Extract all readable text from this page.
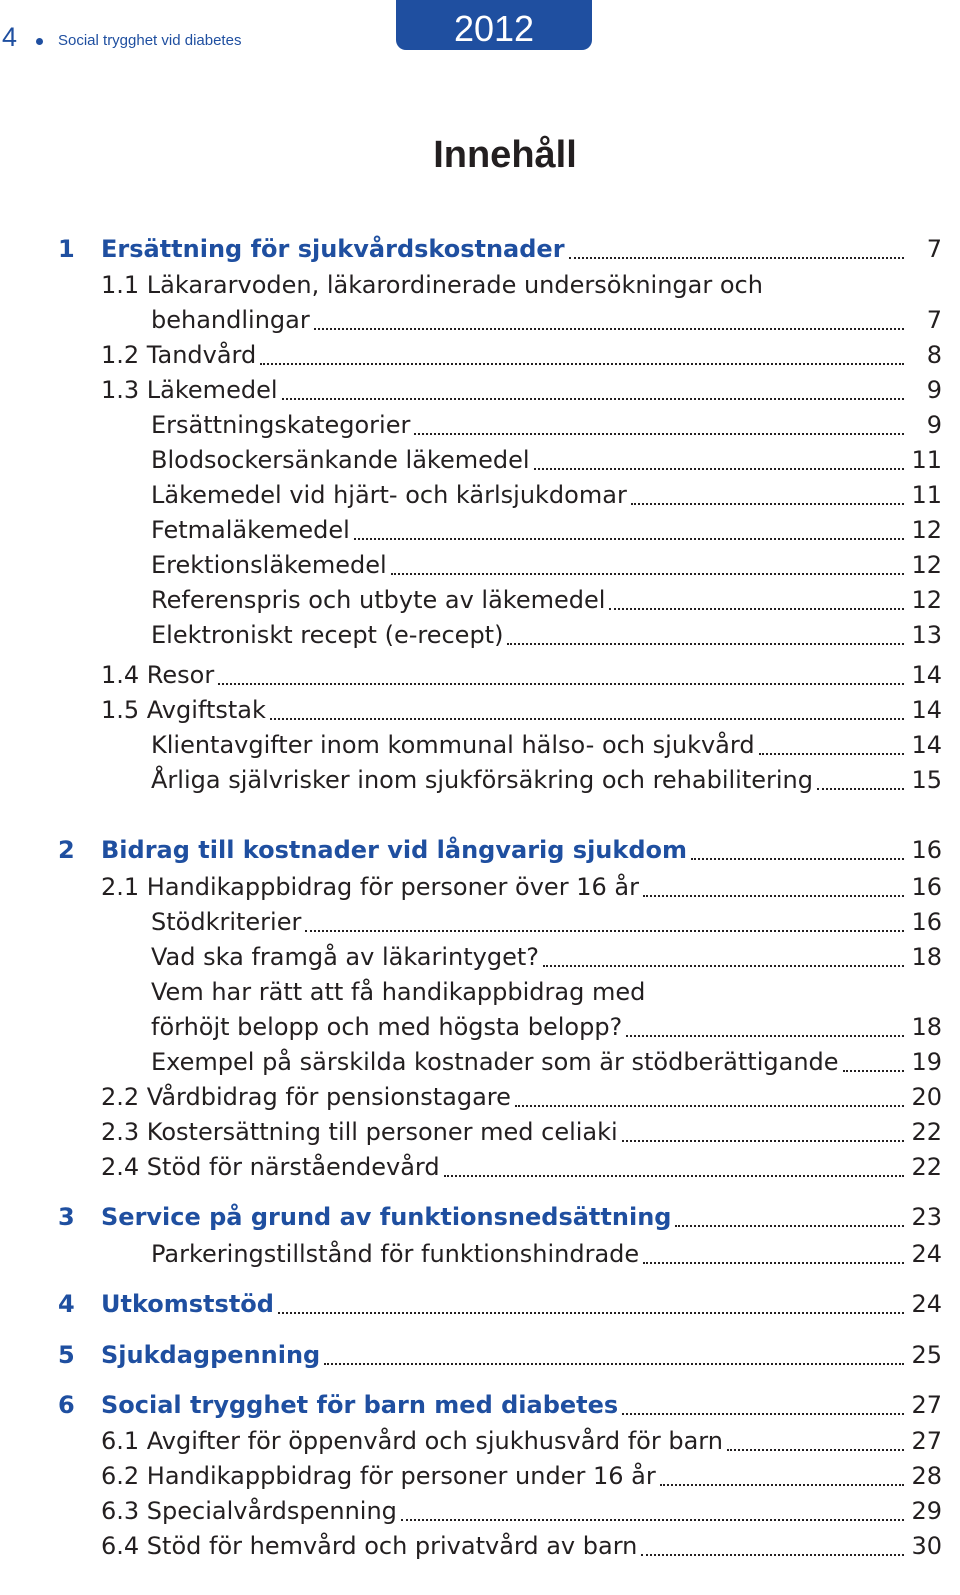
4	Social trygghet vid diabetes	2012
Innehåll
1	Ersättning för sjukvårdskostnader	7
1.1 Läkararvoden, läkarordinerade undersökningar och
behandlingar	7
1.2 Tandvård	8
1.3 Läkemedel	9
Ersättningskategorier	9
Blodsockersänkande läkemedel	11
Läkemedel vid hjärt- och kärlsjukdomar	11
Fetmaläkemedel	12
Erektionsläkemedel	12
Referenspris och utbyte av läkemedel	12
Elektroniskt recept (e-recept)	13
1.4 Resor	14
1.5 Avgiftstak	14
Klientavgifter inom kommunal hälso- och sjukvård	14
Årliga självrisker inom sjukförsäkring och rehabilitering	15
2	Bidrag till kostnader vid långvarig sjukdom	16
2.1 Handikappbidrag för personer över 16 år	16
Stödkriterier	16
Vad ska framgå av läkarintyget?	18
Vem har rätt att få handikappbidrag med
förhöjt belopp och med högsta belopp?	18
Exempel på särskilda kostnader som är stödberättigande	19
2.2 Vårdbidrag för pensionstagare	20
2.3 Kostersättning till personer med celiaki	22
2.4 Stöd för närståendevård	22
3	Service på grund av funktionsnedsättning	23
Parkeringstillstånd för funktionshindrade	24
4	Utkomststöd	24
5	Sjukdagpenning	25
6	Social trygghet för barn med diabetes	27
6.1 Avgifter för öppenvård och sjukhusvård för barn	27
6.2 Handikappbidrag för personer under 16 år	28
6.3 Specialvårdspenning	29
6.4 Stöd för hemvård och privatvård av barn	30
